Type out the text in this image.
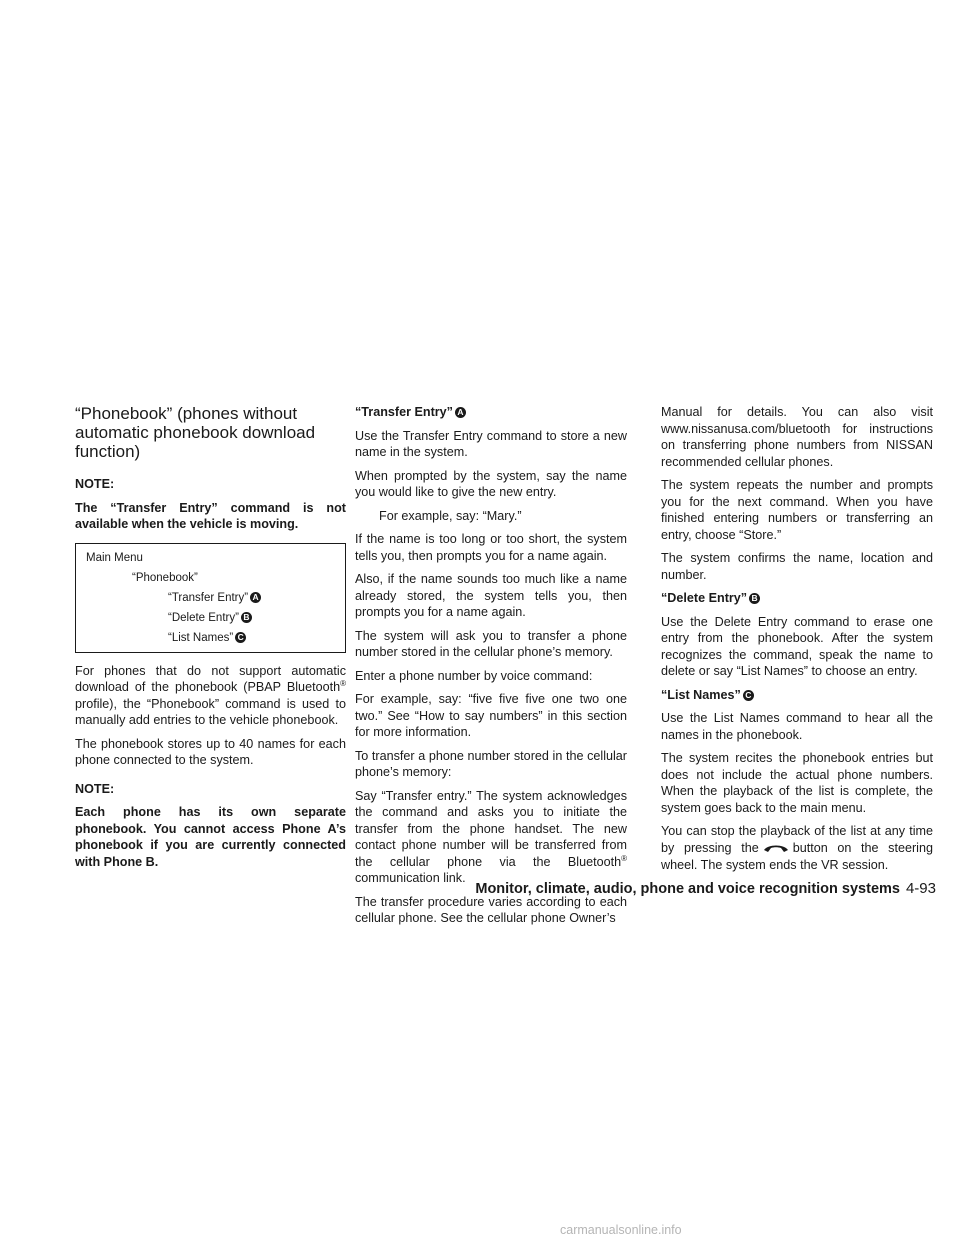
“Phonebook” (phones without automatic phonebook download function)
NOTE:

The “Transfer Entry” command is not available when the vehicle is moving.

Main Menu
“Phonebook”
“Transfer Entry” A
“Delete Entry” B
“List Names” C

For phones that do not support automatic download of the phonebook (PBAP Bluetooth® profile), the “Phonebook” command is used to manually add entries to the vehicle phonebook.

The phonebook stores up to 40 names for each phone connected to the system.

NOTE:

Each phone has its own separate phonebook. You cannot access Phone A’s phonebook if you are currently connected with Phone B.

“Transfer Entry” A

Use the Transfer Entry command to store a new name in the system.

When prompted by the system, say the name you would like to give the new entry.

For example, say: “Mary.”

If the name is too long or too short, the system tells you, then prompts you for a name again.

Also, if the name sounds too much like a name already stored, the system tells you, then prompts you for a name again.

The system will ask you to transfer a phone number stored in the cellular phone’s memory.

Enter a phone number by voice command:

For example, say: “five five five one two one two.” See “How to say numbers” in this section for more information.

To transfer a phone number stored in the cellular phone’s memory:

Say “Transfer entry.” The system acknowledges the command and asks you to initiate the transfer from the phone handset. The new contact phone number will be transferred from the cellular phone via the Bluetooth® communication link.

The transfer procedure varies according to each cellular phone. See the cellular phone Owner’s

Manual for details. You can also visit www.nissanusa.com/bluetooth for instructions on transferring phone numbers from NISSAN recommended cellular phones.

The system repeats the number and prompts you for the next command. When you have finished entering numbers or transferring an entry, choose “Store.”

The system confirms the name, location and number.

“Delete Entry” B

Use the Delete Entry command to erase one entry from the phonebook. After the system recognizes the command, speak the name to delete or say “List Names” to choose an entry.

“List Names” C

Use the List Names command to hear all the names in the phonebook.

The system recites the phonebook entries but does not include the actual phone numbers. When the playback of the list is complete, the system goes back to the main menu.

You can stop the playback of the list at any time by pressing the	button on the steering wheel. The system ends the VR session.

Monitor, climate, audio, phone and voice recognition systems 4-93
carmanualsonline.info
